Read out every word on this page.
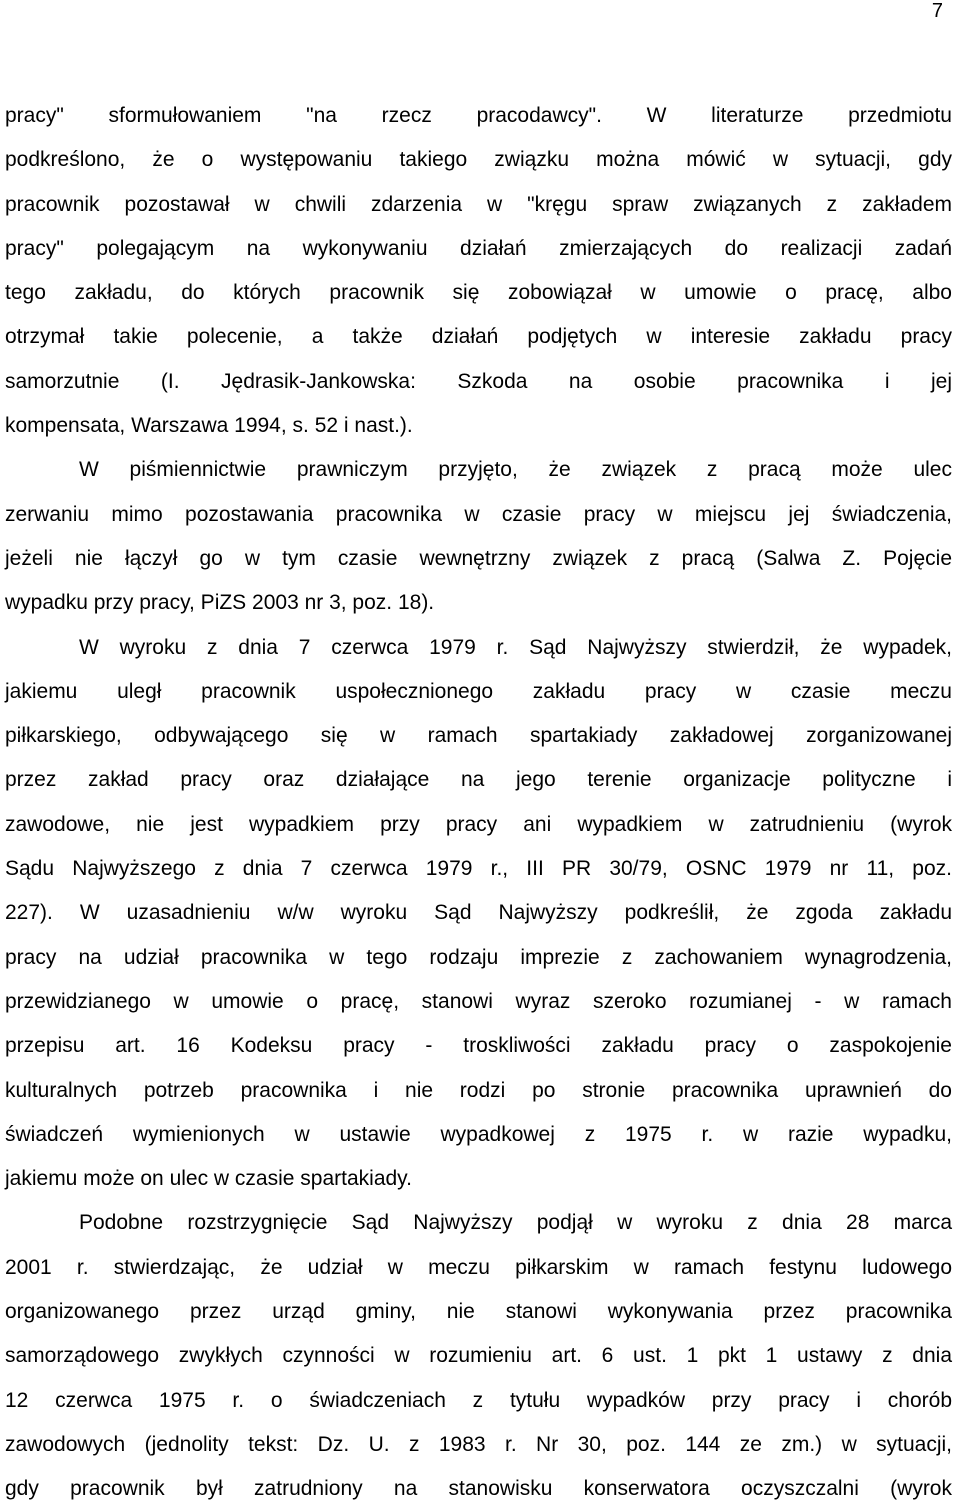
7
pracy" sformułowaniem "na rzecz pracodawcy". W literaturze przedmiotu
podkreślono, że o występowaniu takiego związku można mówić w sytuacji, gdy
pracownik pozostawał w chwili zdarzenia w "kręgu spraw związanych z zakładem
pracy" polegającym na wykonywaniu działań zmierzających do realizacji zadań
tego zakładu, do których pracownik się zobowiązał w umowie o pracę, albo
otrzymał takie polecenie, a także działań podjętych w interesie zakładu pracy
samorzutnie (I. Jędrasik-Jankowska: Szkoda na osobie pracownika i jej
kompensata, Warszawa 1994, s. 52 i nast.).
W piśmiennictwie prawniczym przyjęto, że związek z pracą może ulec
zerwaniu mimo pozostawania pracownika w czasie pracy w miejscu jej świadczenia,
jeżeli nie łączył go w tym czasie wewnętrzny związek z pracą (Salwa Z. Pojęcie
wypadku przy pracy, PiZS 2003 nr 3, poz. 18).
W wyroku z dnia 7 czerwca 1979 r. Sąd Najwyższy stwierdził, że wypadek,
jakiemu uległ pracownik uspołecznionego zakładu pracy w czasie meczu
piłkarskiego, odbywającego się w ramach spartakiady zakładowej zorganizowanej
przez zakład pracy oraz działające na jego terenie organizacje polityczne i
zawodowe, nie jest wypadkiem przy pracy ani wypadkiem w zatrudnieniu (wyrok
Sądu Najwyższego z dnia 7 czerwca 1979 r., III PR 30/79, OSNC 1979 nr 11, poz.
227). W uzasadnieniu w/w wyroku Sąd Najwyższy podkreślił, że zgoda zakładu
pracy na udział pracownika w tego rodzaju imprezie z zachowaniem wynagrodzenia,
przewidzianego w umowie o pracę, stanowi wyraz szeroko rozumianej - w ramach
przepisu art. 16 Kodeksu pracy - troskliwości zakładu pracy o zaspokojenie
kulturalnych potrzeb pracownika i nie rodzi po stronie pracownika uprawnień do
świadczeń wymienionych w ustawie wypadkowej z 1975 r. w razie wypadku,
jakiemu może on ulec w czasie spartakiady.
Podobne rozstrzygnięcie Sąd Najwyższy podjął w wyroku z dnia 28 marca
2001 r. stwierdzając, że udział w meczu piłkarskim w ramach festynu ludowego
organizowanego przez urząd gminy, nie stanowi wykonywania przez pracownika
samorządowego zwykłych czynności w rozumieniu art. 6 ust. 1 pkt 1 ustawy z dnia
12 czerwca 1975 r. o świadczeniach z tytułu wypadków przy pracy i chorób
zawodowych (jednolity tekst: Dz. U. z 1983 r. Nr 30, poz. 144 ze zm.) w sytuacji,
gdy pracownik był zatrudniony na stanowisku konserwatora oczyszczalni (wyrok
